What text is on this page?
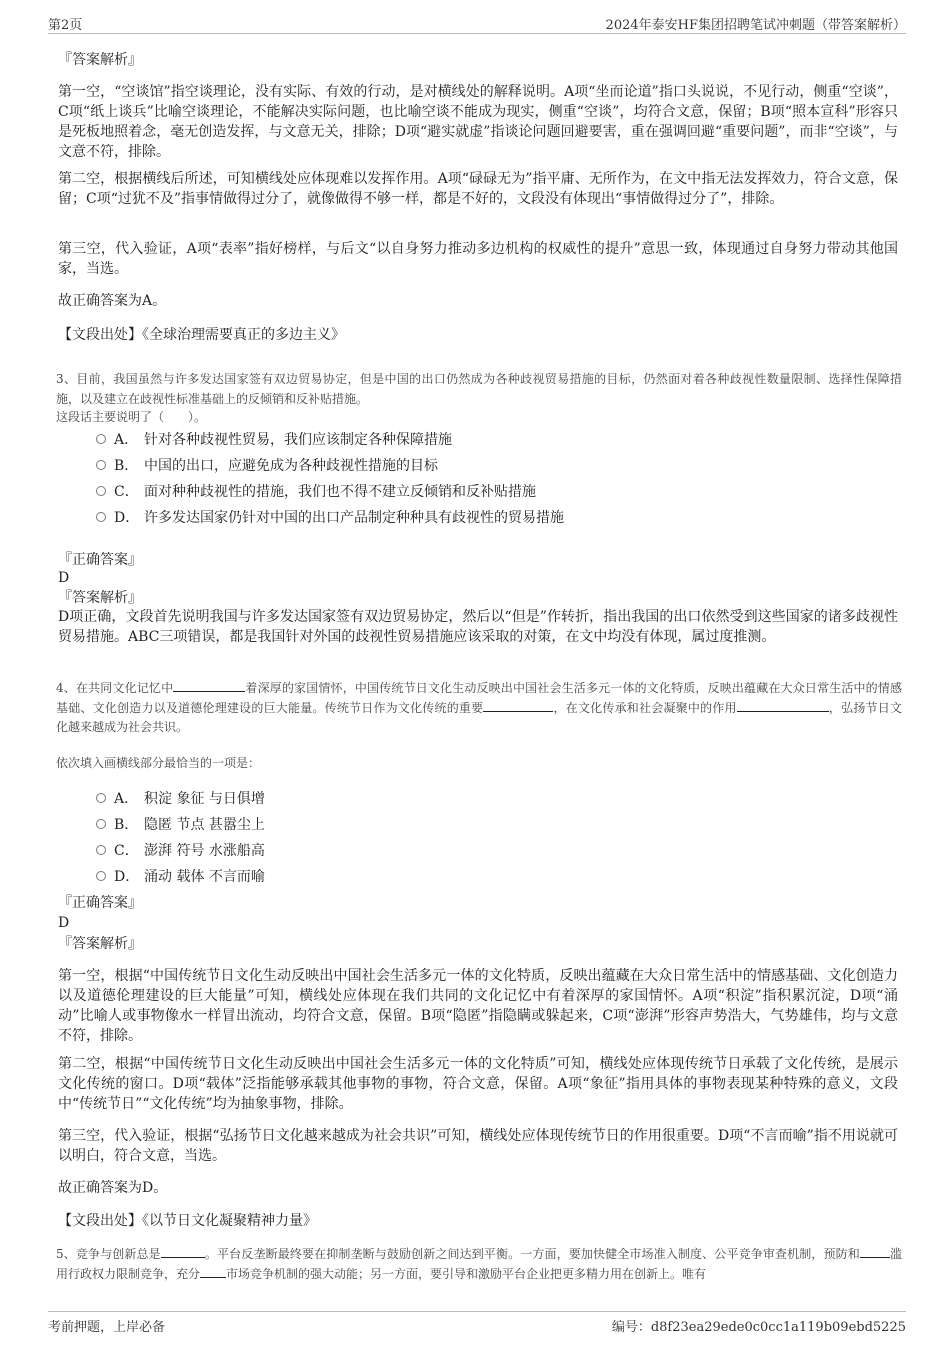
第2页	2024年泰安HF集团招聘笔试冲刺题（带答案解析）
『答案解析』
第一空，“空谈馆”指空谈理论，没有实际、有效的行动，是对横线处的解释说明。A项“坐而论道”指口头说说，不见行动，侧重“空谈”，C项“纸上谈兵”比喻空谈理论，不能解决实际问题，也比喻空谈不能成为现实，侧重“空谈”，均符合文意，保留；B项“照本宣科”形容只是死板地照着念，毫无创造发挥，与文意无关，排除；D项“避实就虚”指谈论问题回避要害，重在强调回避“重要问题”，而非“空谈”，与文意不符，排除。
第二空，根据横线后所述，可知横线处应体现难以发挥作用。A项“碌碌无为”指平庸、无所作为，在文中指无法发挥效力，符合文意，保留；C项“过犹不及”指事情做得过分了，就像做得不够一样，都是不好的，文段没有体现出“事情做得过分了”，排除。
第三空，代入验证，A项“表率”指好榜样，与后文“以自身努力推动多边机构的权威性的提升”意思一致，体现通过自身努力带动其他国家，当选。
故正确答案为A。
【文段出处】《全球治理需要真正的多边主义》
3、目前，我国虽然与许多发达国家签有双边贸易协定，但是中国的出口仍然成为各种歧视贸易措施的目标，仍然面对着各种歧视性数量限制、选择性保障措施，以及建立在歧视性标准基础上的反倾销和反补贴措施。
这段话主要说明了（　　）。
A． 针对各种歧视性贸易，我们应该制定各种保障措施
B． 中国的出口，应避免成为各种歧视性措施的目标
C． 面对种种歧视性的措施，我们也不得不建立反倾销和反补贴措施
D． 许多发达国家仍针对中国的出口产品制定种种具有歧视性的贸易措施
『正确答案』
D
『答案解析』
D项正确，文段首先说明我国与许多发达国家签有双边贸易协定，然后以“但是”作转折，指出我国的出口依然受到这些国家的诸多歧视性贸易措施。ABC三项错误，都是我国针对外国的歧视性贸易措施应该采取的对策，在文中均没有体现，属过度推测。
4、在共同文化记忆中	着深厚的家国情怀，中国传统节日文化生动反映出中国社会生活多元一体的文化特质，反映出蕴藏在大众日常生活中的情感基础、文化创造力以及道德伦理建设的巨大能量。传统节日作为文化传统的重要	，在文化传承和社会凝聚中的作用	，弘扬节日文化越来越成为社会共识。
依次填入画横线部分最恰当的一项是：
A． 积淀 象征 与日俱增
B． 隐匿 节点 甚嚣尘上
C． 澎湃 符号 水涨船高
D． 涌动 载体 不言而喻
『正确答案』
D
『答案解析』
第一空，根据“中国传统节日文化生动反映出中国社会生活多元一体的文化特质，反映出蕴藏在大众日常生活中的情感基础、文化创造力以及道德伦理建设的巨大能量”可知，横线处应体现在我们共同的文化记忆中有着深厚的家国情怀。A项“积淀”指积累沉淀，D项“涌动”比喻人或事物像水一样冒出流动，均符合文意，保留。B项“隐匿”指隐瞒或躲起来，C项“澎湃”形容声势浩大，气势雄伟，均与文意不符，排除。
第二空，根据“中国传统节日文化生动反映出中国社会生活多元一体的文化特质”可知，横线处应体现传统节日承载了文化传统，是展示文化传统的窗口。D项“载体”泛指能够承载其他事物的事物，符合文意，保留。A项“象征”指用具体的事物表现某种特殊的意义，文段中“传统节日”“文化传统”均为抽象事物，排除。
第三空，代入验证，根据“弘扬节日文化越来越成为社会共识”可知，横线处应体现传统节日的作用很重要。D项“不言而喻”指不用说就可以明白，符合文意，当选。
故正确答案为D。
【文段出处】《以节日文化凝聚精神力量》
5、竞争与创新总是	。平台反垄断最终要在抑制垄断与鼓励创新之间达到平衡。一方面，要加快健全市场准入制度、公平竞争审查机制，预防和	滥用行政权力限制竞争，充分 市场竞争机制的强大动能；另一方面，要引导和激励平台企业把更多精力用在创新上。唯有
考前押题，上岸必备	编号：d8f23ea29ede0c0cc1a119b09ebd5225
